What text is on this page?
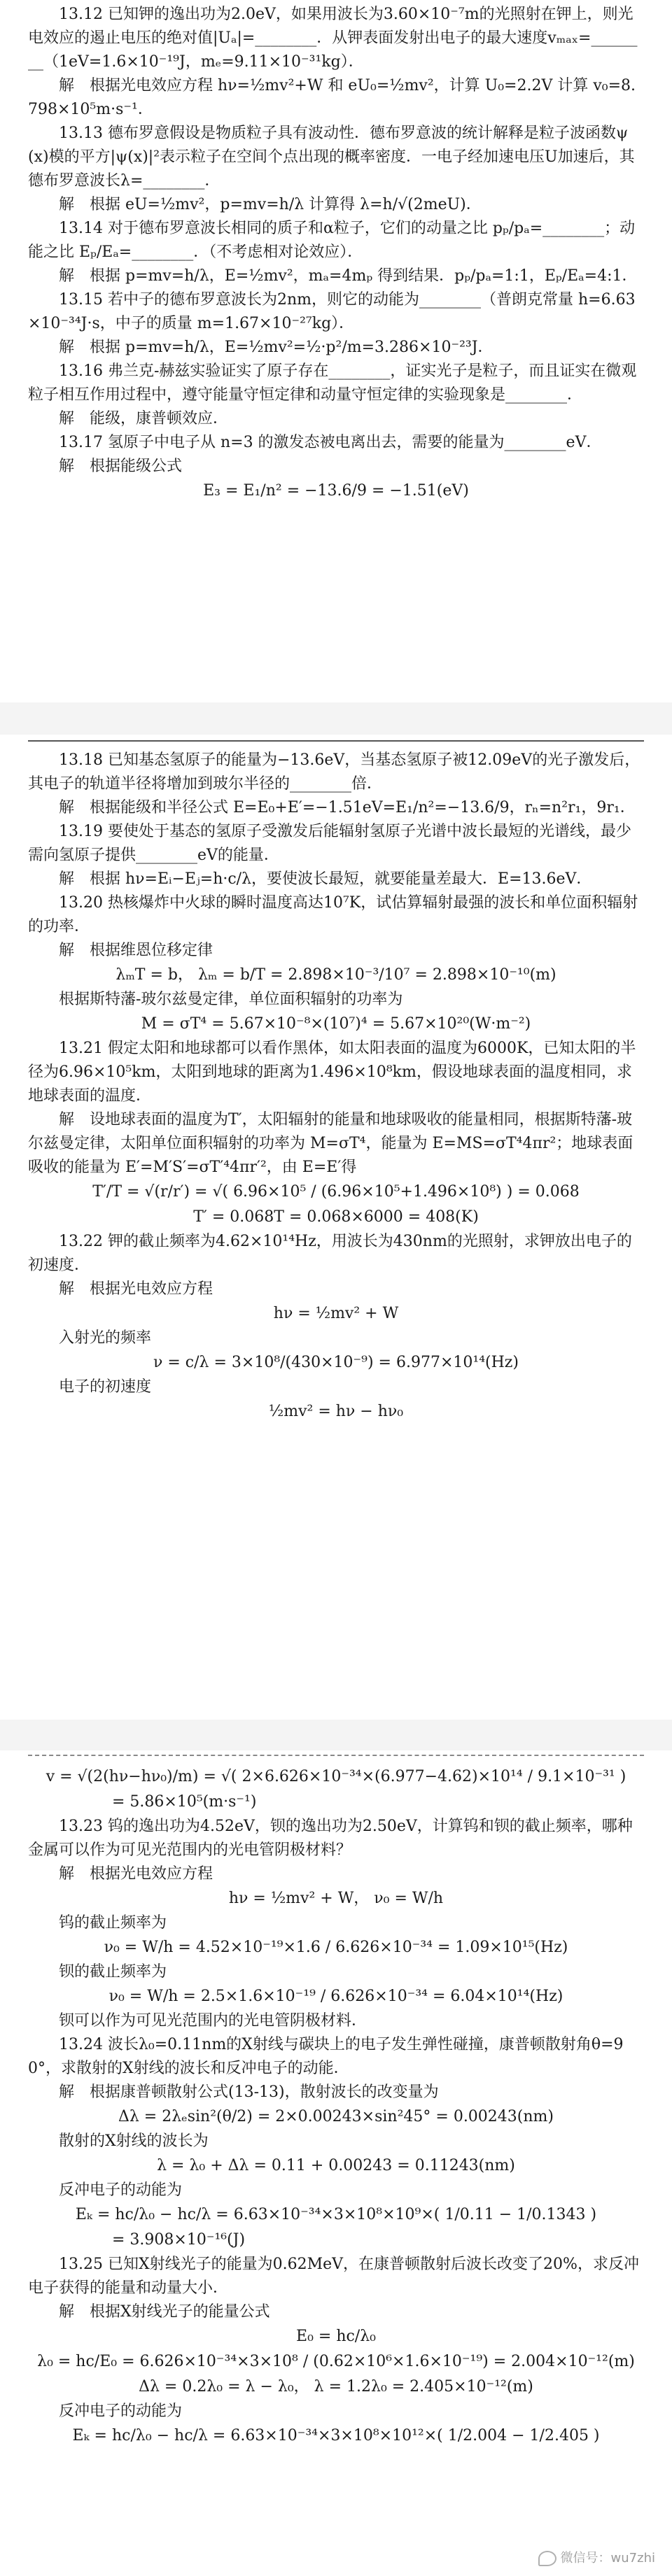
13.12 已知钾的逸出功为2.0eV，如果用波长为3.60×10⁻⁷m的光照射在钾上，则光电效应的遏止电压的绝对值|Uₐ|=________．从钾表面发射出电子的最大速度vₘₐₓ=________（1eV=1.6×10⁻¹⁹J，mₑ=9.11×10⁻³¹kg）．

解　根据光电效应方程 hν=½mv²+W 和 eU₀=½mv²，计算 U₀=2.2V 计算 v₀=8.798×10⁵m·s⁻¹．

13.13 德布罗意假设是物质粒子具有波动性．德布罗意波的统计解释是粒子波函数ψ(x)模的平方|ψ(x)|²表示粒子在空间个点出现的概率密度．一电子经加速电压U加速后，其德布罗意波长λ=________．

解　根据 eU=½mv²，p=mv=h/λ 计算得 λ=h/√(2meU)．

13.14 对于德布罗意波长相同的质子和α粒子，它们的动量之比 pₚ/pₐ=________；动能之比 Eₚ/Eₐ=________．（不考虑相对论效应）．

解　根据 p=mv=h/λ，E=½mv²，mₐ=4mₚ 得到结果．pₚ/pₐ=1:1，Eₚ/Eₐ=4:1．

13.15 若中子的德布罗意波长为2nm，则它的动能为________（普朗克常量 h=6.63×10⁻³⁴J·s，中子的质量 m=1.67×10⁻²⁷kg）．

解　根据 p=mv=h/λ，E=½mv²=½·p²/m=3.286×10⁻²³J．

13.16 弗兰克-赫兹实验证实了原子存在________，证实光子是粒子，而且证实在微观粒子相互作用过程中，遵守能量守恒定律和动量守恒定律的实验现象是________．

解　能级，康普顿效应．

13.17 氢原子中电子从 n=3 的激发态被电离出去，需要的能量为________eV．

解　根据能级公式

E₃ = E₁/n² = −13.6/9 = −1.51(eV)

13.18 已知基态氢原子的能量为−13.6eV，当基态氢原子被12.09eV的光子激发后，其电子的轨道半径将增加到玻尔半径的________倍．

解　根据能级和半径公式 E=E₀+E′=−1.51eV=E₁/n²=−13.6/9，rₙ=n²r₁，9r₁．

13.19 要使处于基态的氢原子受激发后能辐射氢原子光谱中波长最短的光谱线，最少需向氢原子提供________eV的能量．

解　根据 hν=Eᵢ−Eⱼ=h·c/λ，要使波长最短，就要能量差最大．E=13.6eV．

13.20 热核爆炸中火球的瞬时温度高达10⁷K，试估算辐射最强的波长和单位面积辐射的功率．

解　根据维恩位移定律

λₘT = b， λₘ = b/T = 2.898×10⁻³/10⁷ = 2.898×10⁻¹⁰(m)

根据斯特藩-玻尔兹曼定律，单位面积辐射的功率为

M = σT⁴ = 5.67×10⁻⁸×(10⁷)⁴ = 5.67×10²⁰(W·m⁻²)

13.21 假定太阳和地球都可以看作黑体，如太阳表面的温度为6000K，已知太阳的半径为6.96×10⁵km，太阳到地球的距离为1.496×10⁸km，假设地球表面的温度相同，求地球表面的温度．

解　设地球表面的温度为T′，太阳辐射的能量和地球吸收的能量相同，根据斯特藩-玻尔兹曼定律，太阳单位面积辐射的功率为 M=σT⁴，能量为 E=MS=σT⁴4πr²；地球表面吸收的能量为 E′=M′S′=σT′⁴4πr′²，由 E=E′得

T′/T = √(r/r′) = √( 6.96×10⁵ / (6.96×10⁵+1.496×10⁸) ) = 0.068

T′ = 0.068T = 0.068×6000 = 408(K)

13.22 钾的截止频率为4.62×10¹⁴Hz，用波长为430nm的光照射，求钾放出电子的初速度．

解　根据光电效应方程

hν = ½mv² + W

入射光的频率

ν = c/λ = 3×10⁸/(430×10⁻⁹) = 6.977×10¹⁴(Hz)

电子的初速度

½mv² = hν − hν₀

v = √(2(hν−hν₀)/m) = √( 2×6.626×10⁻³⁴×(6.977−4.62)×10¹⁴ / 9.1×10⁻³¹ )

= 5.86×10⁵(m·s⁻¹)

13.23 钨的逸出功为4.52eV，钡的逸出功为2.50eV，计算钨和钡的截止频率，哪种金属可以作为可见光范围内的光电管阴极材料？

解　根据光电效应方程

hν = ½mv² + W， ν₀ = W/h

钨的截止频率为

ν₀ = W/h = 4.52×10⁻¹⁹×1.6 / 6.626×10⁻³⁴ = 1.09×10¹⁵(Hz)

钡的截止频率为

ν₀ = W/h = 2.5×1.6×10⁻¹⁹ / 6.626×10⁻³⁴ = 6.04×10¹⁴(Hz)

钡可以作为可见光范围内的光电管阴极材料．

13.24 波长λ₀=0.11nm的X射线与碳块上的电子发生弹性碰撞，康普顿散射角θ=90°，求散射的X射线的波长和反冲电子的动能．

解　根据康普顿散射公式(13-13)，散射波长的改变量为

Δλ = 2λₑsin²(θ/2) = 2×0.00243×sin²45° = 0.00243(nm)

散射的X射线的波长为

λ = λ₀ + Δλ = 0.11 + 0.00243 = 0.11243(nm)

反冲电子的动能为

Eₖ = hc/λ₀ − hc/λ = 6.63×10⁻³⁴×3×10⁸×10⁹×( 1/0.11 − 1/0.1343 )

= 3.908×10⁻¹⁶(J)

13.25 已知X射线光子的能量为0.62MeV，在康普顿散射后波长改变了20%，求反冲电子获得的能量和动量大小．

解　根据X射线光子的能量公式

E₀ = hc/λ₀

λ₀ = hc/E₀ = 6.626×10⁻³⁴×3×10⁸ / (0.62×10⁶×1.6×10⁻¹⁹) = 2.004×10⁻¹²(m)

Δλ = 0.2λ₀ = λ − λ₀， λ = 1.2λ₀ = 2.405×10⁻¹²(m)

反冲电子的动能为

Eₖ = hc/λ₀ − hc/λ = 6.63×10⁻³⁴×3×10⁸×10¹²×( 1/2.004 − 1/2.405 )

微信号：wu7zhi
